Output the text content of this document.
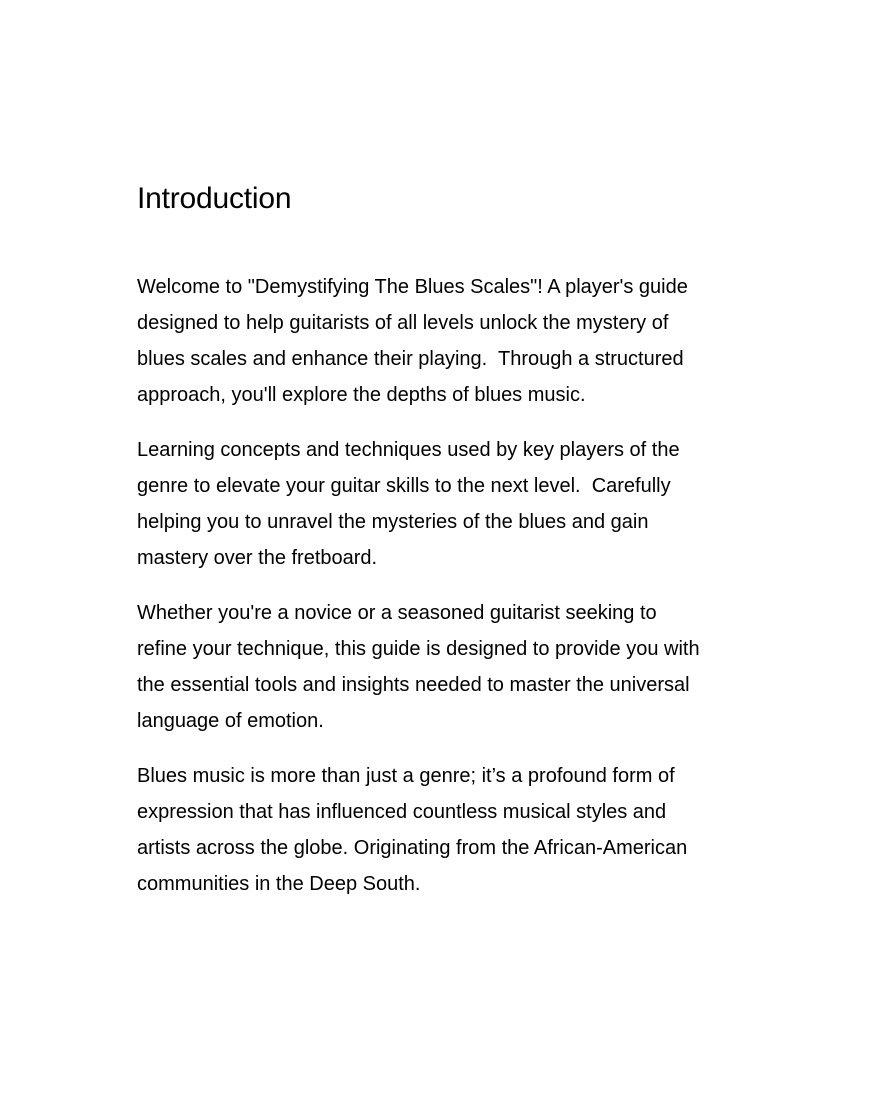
Introduction

Welcome to "Demystifying The Blues Scales"! A player's guide
designed to help guitarists of all levels unlock the mystery of
blues scales and enhance their playing.  Through a structured
approach, you'll explore the depths of blues music.

Learning concepts and techniques used by key players of the
genre to elevate your guitar skills to the next level.  Carefully
helping you to unravel the mysteries of the blues and gain
mastery over the fretboard.

Whether you're a novice or a seasoned guitarist seeking to
refine your technique, this guide is designed to provide you with
the essential tools and insights needed to master the universal
language of emotion.

Blues music is more than just a genre; it’s a profound form of
expression that has influenced countless musical styles and
artists across the globe. Originating from the African-American
communities in the Deep South.
